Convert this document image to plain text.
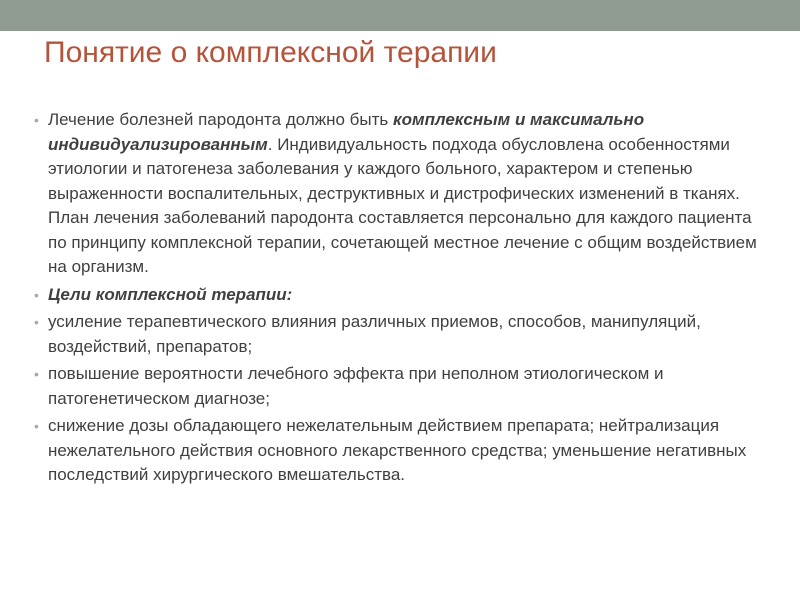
Понятие о комплексной терапии
• Лечение болезней пародонта должно быть комплексным и максимально индивидуализированным. Индивидуальность подхода обусловлена особенностями этиологии и патогенеза заболевания у каждого больного, характером и степенью выраженности воспалительных, деструктивных и дистрофических изменений в тканях. План лечения заболеваний пародонта составляется персонально для каждого пациента по принципу комплексной терапии, сочетающей местное лечение с общим воздействием на организм.
• Цели комплексной терапии:
• усиление терапевтического влияния различных приемов, способов, манипуляций, воздействий, препаратов;
• повышение вероятности лечебного эффекта при неполном этиологическом и патогенетическом диагнозе;
• снижение дозы обладающего нежелательным действием препарата; нейтрализация нежелательного действия основного лекарственного средства; уменьшение негативных последствий хирургического вмешательства.
